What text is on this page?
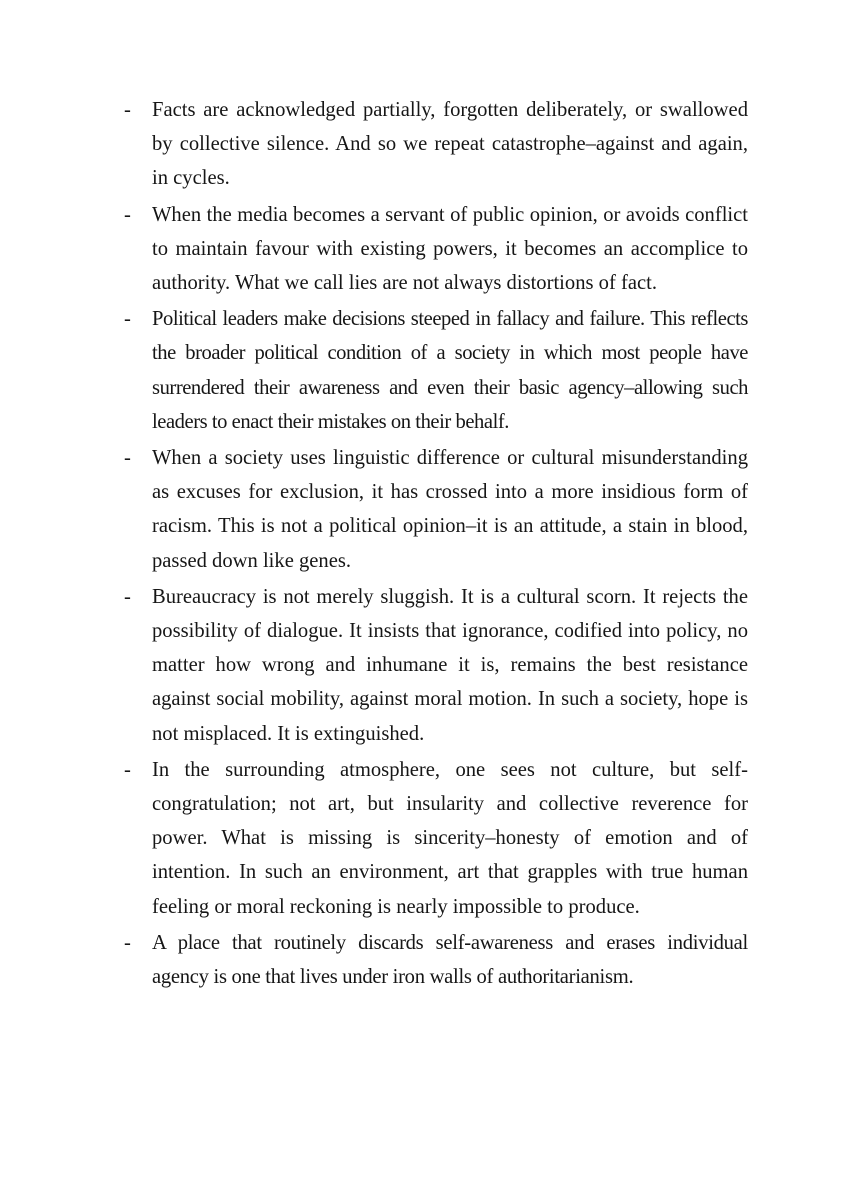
-	Facts are acknowledged partially, forgotten deliberately, or swallowed by collective silence. And so we repeat catastrophe–against and again, in cycles.
-	When the media becomes a servant of public opinion, or avoids conflict to maintain favour with existing powers, it becomes an accomplice to authority. What we call lies are not always distortions of fact.
-	Political leaders make decisions steeped in fallacy and failure. This reflects the broader political condition of a society in which most people have surrendered their awareness and even their basic agency–allowing such leaders to enact their mistakes on their behalf.
-	When a society uses linguistic difference or cultural misunderstanding as excuses for exclusion, it has crossed into a more insidious form of racism. This is not a political opinion–it is an attitude, a stain in blood, passed down like genes.
-	Bureaucracy is not merely sluggish. It is a cultural scorn. It rejects the possibility of dialogue. It insists that ignorance, codified into policy, no matter how wrong and inhumane it is, remains the best resistance against social mobility, against moral motion. In such a society, hope is not misplaced. It is extinguished.
-	In the surrounding atmosphere, one sees not culture, but self-congratulation; not art, but insularity and collective reverence for power. What is missing is sincerity–honesty of emotion and of intention. In such an environment, art that grapples with true human feeling or moral reckoning is nearly impossible to produce.
-	A place that routinely discards self-awareness and erases individual agency is one that lives under iron walls of authoritarianism.
